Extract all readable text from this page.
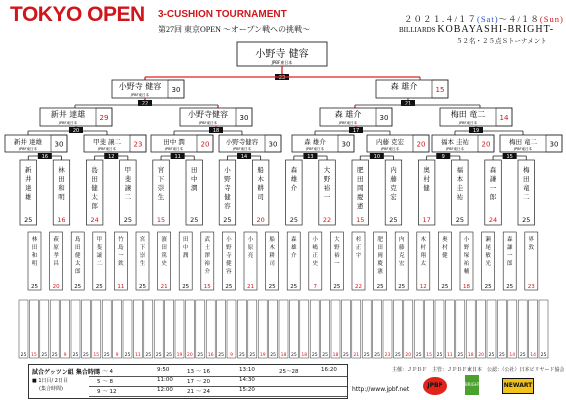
TOKYO OPEN 3-CUSHION TOURNAMENT
第27回 東京OPEN 〜オープン戦への挑戦〜
２０２１.４/１７(Sat)〜４/１８(Sun)
BILLIARDS KOBAYASHI-BRIGHT-
５２名・２５点Ｓトーナメント
小野寺 健容
JPBF東日本
23
小野寺 健容
JPBF東日本
30	森 雄介	15
22	21
新井 達雄
JPBF東日本
29	小野寺健容
JPBF東日本
30	森 雄介
JPBF東日本
30	梅田 竜二
JPBF東日本
14
20	18	17	19
新井 達雄
JPBF東日本
30	甲斐 譲二
JPBF東日本
23	田中 潤
JPBF東日本
20	小野寺健容
JPBF東日本
30	森 雄介
JPBF東日本
30	内藤 克宏
JPBF東日本
20 福本 圭祐
JPBF東日本
20	梅田 竜二
JPBF東日本
30
新
井
達
雄
25
林
田
和
明
16
島
田
健
太
郎
24
甲
斐
譲
二
25
宮
下
崇
生
15
田
中
潤
25
小
野
寺
健
容
25
船
木
耕
司
20
森
雄
介
25
大
野
裕
一
22
肥
田
岡
慶
憲
15
内
藤
克
宏
25
奥
村
健
17
福
本
圭
祐
25
森
謙
一
郎
24
梅
田
竜
二
25
16	12	11	14	13	10	9	15
林
田
和
明
25
萩
原
孝
昌
20
島
田
健
太
郎
25
甲
斐
譲
二
25
竹
島
一
欽
11
宮
下
崇
生
25
濱
田
篤
史
21
田
中
潤
25
武
士
澤
裕
介
15
小
野
寺
健
容
25
小
原
亮
21
船
木
耕
司
25
森
雄
介
25
小
嶋
正
史
7
大
野
裕
一
25
杉
正
宇
22
肥
田
岡
慶
憲
25
内
藤
克
宏
25
木
村
翔
太
12
奥
村
健
25
小
野
塚
祐
輔
18
瀬
尾
敏
光
25
森
謙
一
郎
25
界
敦
23
25 15 25 25 9 25 25 15 25 9 25 11 25 25 25 19 20 25 16 25 9 25 25 19 25 18 25 18 25 25 18 25 21 25 25 23 25 20 25 15 25 11 25 18 20 25 25 14 25 14 25
試合ゲッツン組 集合時間
■ 1日目/ 2日目
(集合時間)
1 〜 4	9:50	13 〜 16	13:10	25〜28	16:20
5 〜 8	11:00	17 〜 20	14:30
9 〜 12	12:00	21 〜 24	15:20	http://www.jpbf.net
主催：ＪＰＢＦ　主管：ＪＰＢＦ東日本　公認：（公社）日本ビリヤード協会
JPBF	BRIGHT	NEWART
